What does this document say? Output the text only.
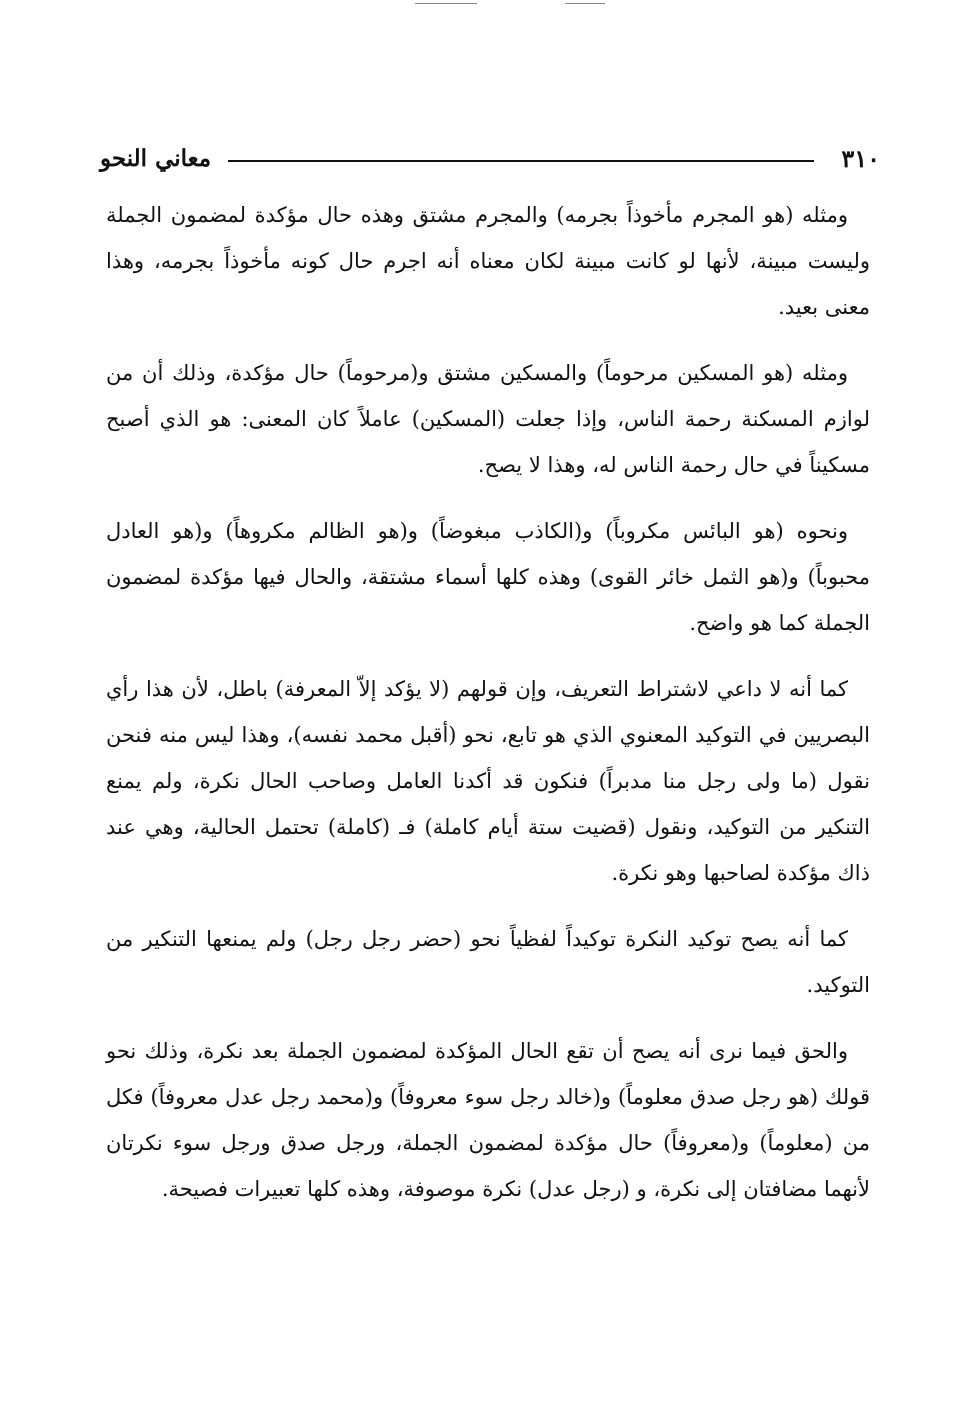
معاني النحو	٣١٠

ومثله (هو المجرم مأخوذاً بجرمه) والمجرم مشتق وهذه حال مؤكدة لمضمون الجملة وليست مبينة، لأنها لو كانت مبينة لكان معناه أنه اجرم حال كونه مأخوذاً بجرمه، وهذا معنى بعيد.

ومثله (هو المسكين مرحوماً) والمسكين مشتق و(مرحوماً) حال مؤكدة، وذلك أن من لوازم المسكنة رحمة الناس، وإذا جعلت (المسكين) عاملاً كان المعنى: هو الذي أصبح مسكيناً في حال رحمة الناس له، وهذا لا يصح.

ونحوه (هو البائس مكروباً) و(الكاذب مبغوضاً) و(هو الظالم مكروهاً) و(هو العادل محبوباً) و(هو الثمل خائر القوى) وهذه كلها أسماء مشتقة، والحال فيها مؤكدة لمضمون الجملة كما هو واضح.

كما أنه لا داعي لاشتراط التعريف، وإن قولهم (لا يؤكد إلاّ المعرفة) باطل، لأن هذا رأي البصريين في التوكيد المعنوي الذي هو تابع، نحو (أقبل محمد نفسه)، وهذا ليس منه فنحن نقول (ما ولى رجل منا مدبراً) فنكون قد أكدنا العامل وصاحب الحال نكرة، ولم يمنع التنكير من التوكيد، ونقول (قضيت ستة أيام كاملة) فـ (كاملة) تحتمل الحالية، وهي عند ذاك مؤكدة لصاحبها وهو نكرة.

كما أنه يصح توكيد النكرة توكيداً لفظياً نحو (حضر رجل رجل) ولم يمنعها التنكير من التوكيد.

والحق فيما نرى أنه يصح أن تقع الحال المؤكدة لمضمون الجملة بعد نكرة، وذلك نحو قولك (هو رجل صدق معلوماً) و(خالد رجل سوء معروفاً) و(محمد رجل عدل معروفاً) فكل من (معلوماً) و(معروفاً) حال مؤكدة لمضمون الجملة، ورجل صدق ورجل سوء نكرتان لأنهما مضافتان إلى نكرة، و (رجل عدل) نكرة موصوفة، وهذه كلها تعبيرات فصيحة.
